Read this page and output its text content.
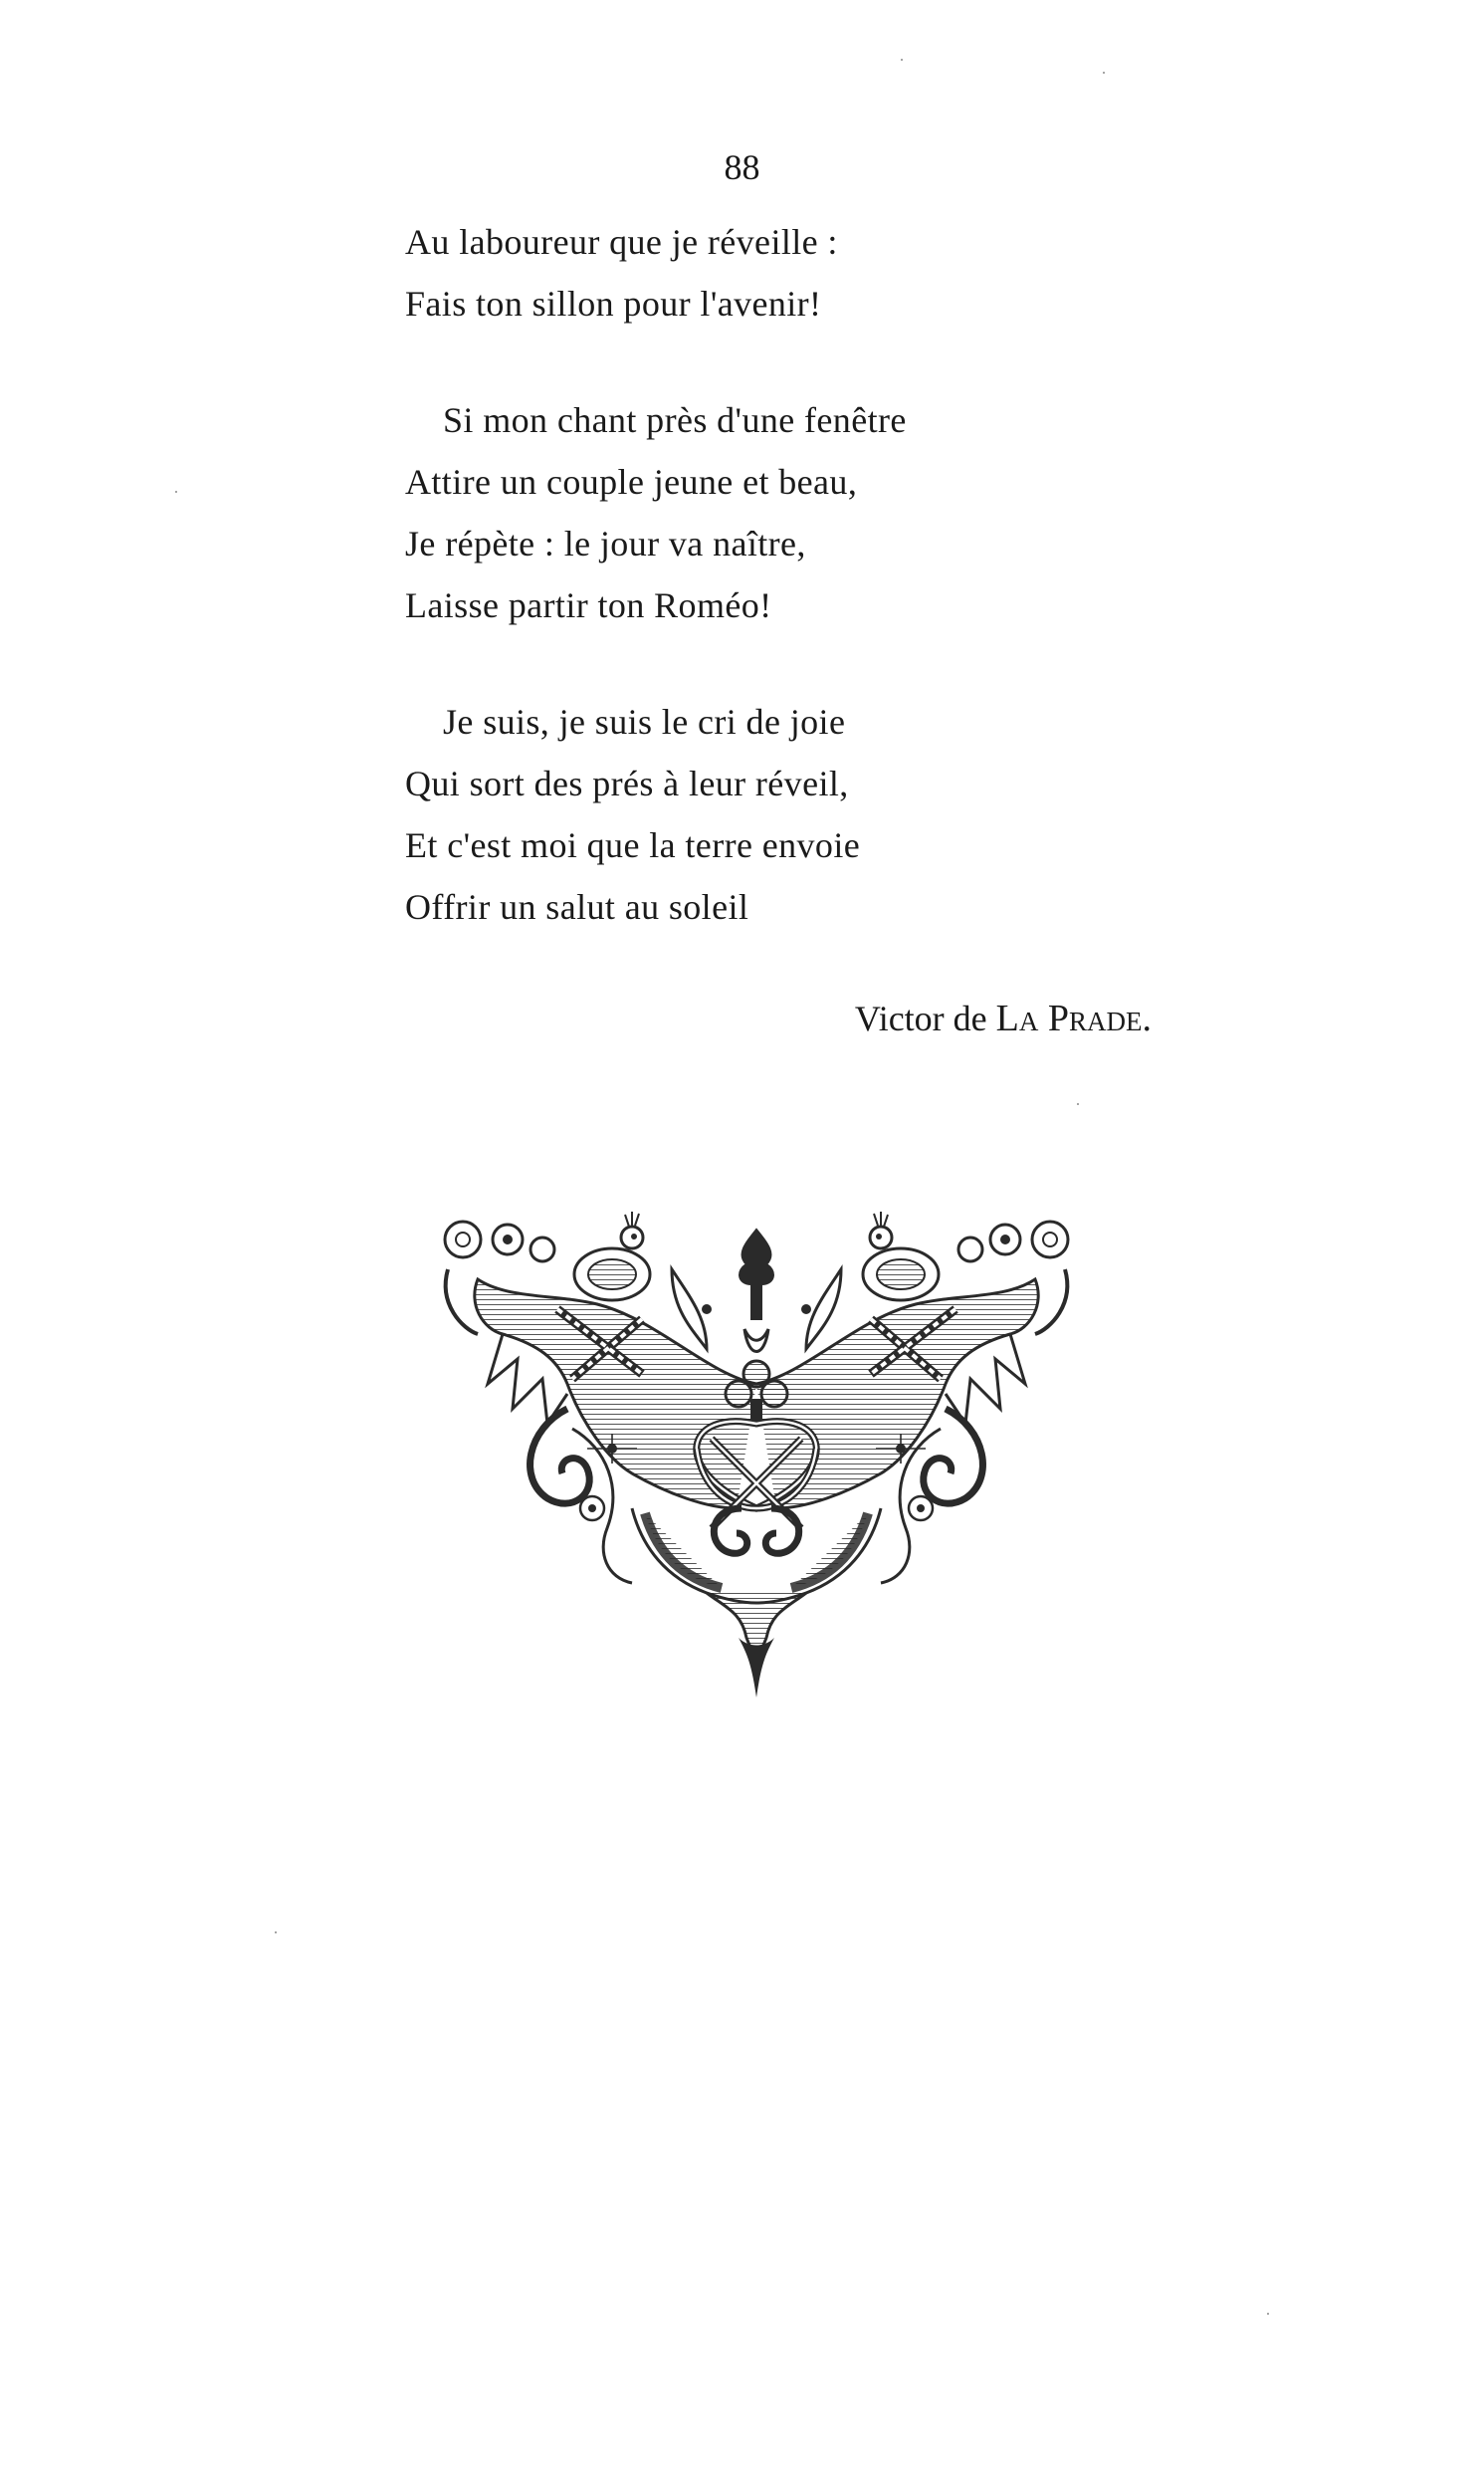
88
Au laboureur que je réveille :
Fais ton sillon pour l'avenir!
Si mon chant près d'une fenêtre
Attire un couple jeune et beau,
Je répète : le jour va naître,
Laisse partir ton Roméo!
Je suis, je suis le cri de joie
Qui sort des prés à leur réveil,
Et c'est moi que la terre envoie
Offrir un salut au soleil
Victor de La Prade.
